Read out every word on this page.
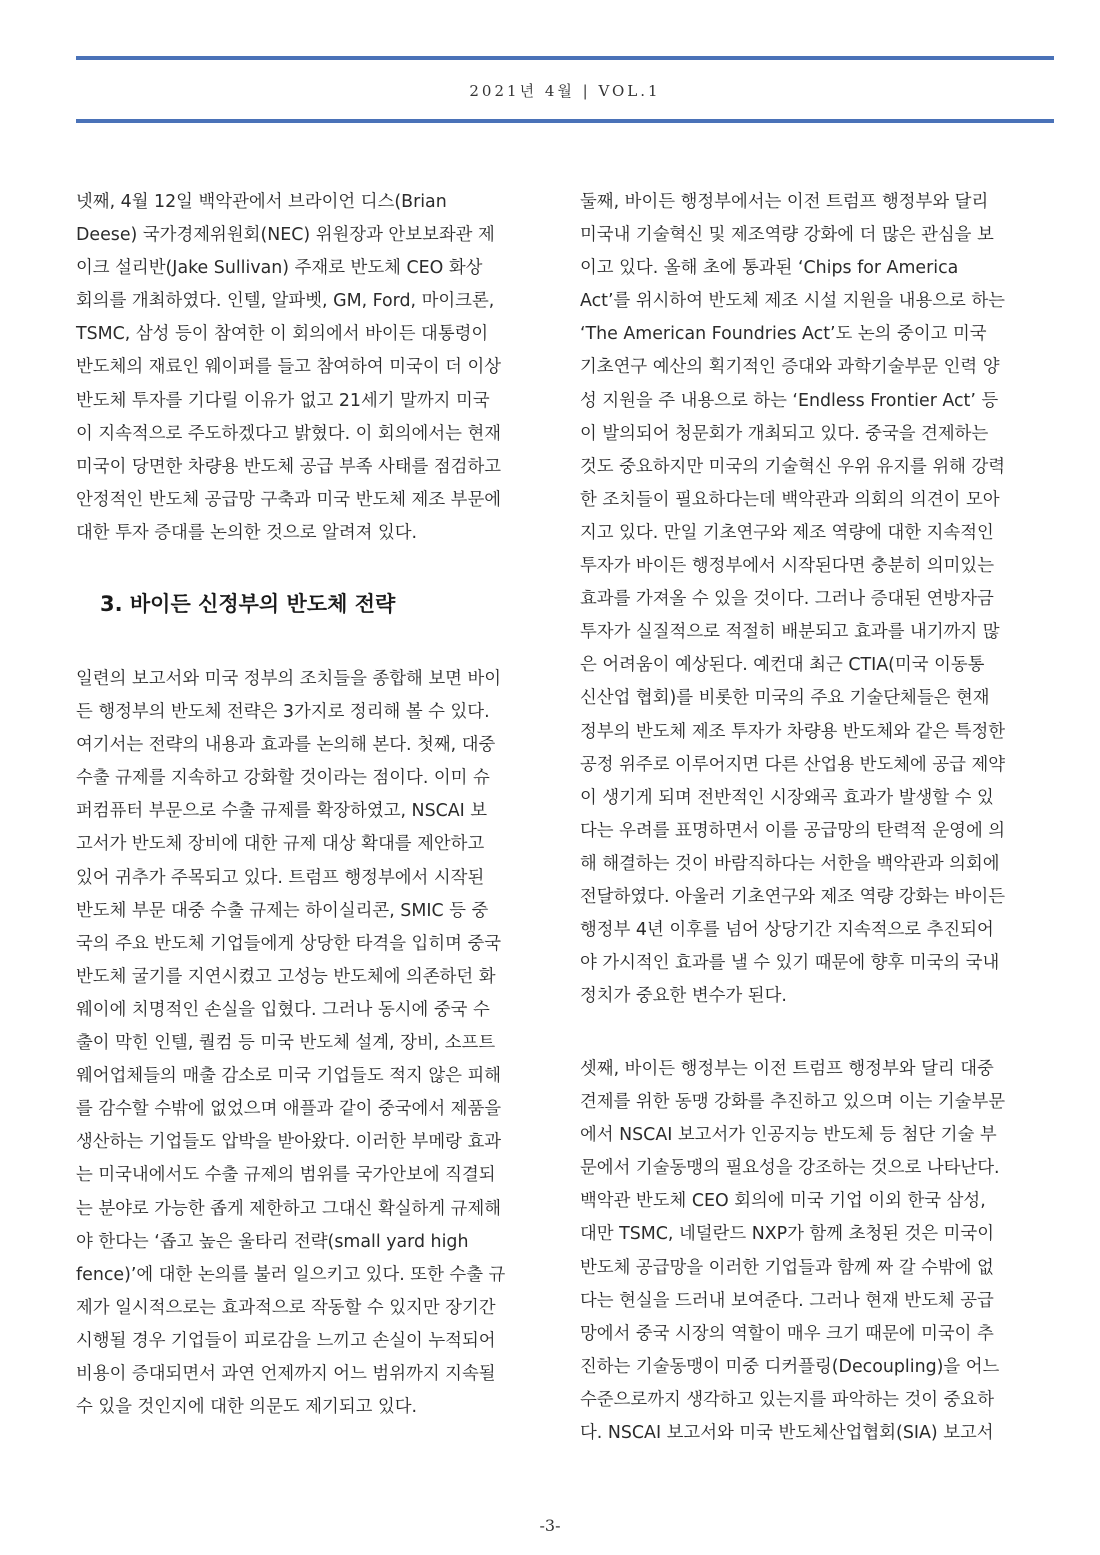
2021년 4월 | VOL.1
넷째, 4월 12일 백악관에서 브라이언 디스(Brian
Deese) 국가경제위원회(NEC) 위원장과 안보보좌관 제
이크 설리반(Jake Sullivan) 주재로 반도체 CEO 화상
회의를 개최하였다. 인텔, 알파벳, GM, Ford, 마이크론,
TSMC, 삼성 등이 참여한 이 회의에서 바이든 대통령이
반도체의 재료인 웨이퍼를 들고 참여하여 미국이 더 이상
반도체 투자를 기다릴 이유가 없고 21세기 말까지 미국
이 지속적으로 주도하겠다고 밝혔다. 이 회의에서는 현재
미국이 당면한 차량용 반도체 공급 부족 사태를 점검하고
안정적인 반도체 공급망 구축과 미국 반도체 제조 부문에
대한 투자 증대를 논의한 것으로 알려져 있다.
3. 바이든 신정부의 반도체 전략
일련의 보고서와 미국 정부의 조치들을 종합해 보면 바이
든 행정부의 반도체 전략은 3가지로 정리해 볼 수 있다.
여기서는 전략의 내용과 효과를 논의해 본다. 첫째, 대중
수출 규제를 지속하고 강화할 것이라는 점이다. 이미 슈
퍼컴퓨터 부문으로 수출 규제를 확장하였고, NSCAI 보
고서가 반도체 장비에 대한 규제 대상 확대를 제안하고
있어 귀추가 주목되고 있다. 트럼프 행정부에서 시작된
반도체 부문 대중 수출 규제는 하이실리콘, SMIC 등 중
국의 주요 반도체 기업들에게 상당한 타격을 입히며 중국
반도체 굴기를 지연시켰고 고성능 반도체에 의존하던 화
웨이에 치명적인 손실을 입혔다. 그러나 동시에 중국 수
출이 막힌 인텔, 퀄컴 등 미국 반도체 설계, 장비, 소프트
웨어업체들의 매출 감소로 미국 기업들도 적지 않은 피해
를 감수할 수밖에 없었으며 애플과 같이 중국에서 제품을
생산하는 기업들도 압박을 받아왔다. 이러한 부메랑 효과
는 미국내에서도 수출 규제의 범위를 국가안보에 직결되
는 분야로 가능한 좁게 제한하고 그대신 확실하게 규제해
야 한다는 ‘좁고 높은 울타리 전략(small yard high
fence)’에 대한 논의를 불러 일으키고 있다. 또한 수출 규
제가 일시적으로는 효과적으로 작동할 수 있지만 장기간
시행될 경우 기업들이 피로감을 느끼고 손실이 누적되어
비용이 증대되면서 과연 언제까지 어느 범위까지 지속될
수 있을 것인지에 대한 의문도 제기되고 있다.
둘째, 바이든 행정부에서는 이전 트럼프 행정부와 달리
미국내 기술혁신 및 제조역량 강화에 더 많은 관심을 보
이고 있다. 올해 초에 통과된 ‘Chips for America
Act’를 위시하여 반도체 제조 시설 지원을 내용으로 하는
‘The American Foundries Act’도 논의 중이고 미국
기초연구 예산의 획기적인 증대와 과학기술부문 인력 양
성 지원을 주 내용으로 하는 ‘Endless Frontier Act’ 등
이 발의되어 청문회가 개최되고 있다. 중국을 견제하는
것도 중요하지만 미국의 기술혁신 우위 유지를 위해 강력
한 조치들이 필요하다는데 백악관과 의회의 의견이 모아
지고 있다. 만일 기초연구와 제조 역량에 대한 지속적인
투자가 바이든 행정부에서 시작된다면 충분히 의미있는
효과를 가져올 수 있을 것이다. 그러나 증대된 연방자금
투자가 실질적으로 적절히 배분되고 효과를 내기까지 많
은 어려움이 예상된다. 예컨대 최근 CTIA(미국 이동통
신산업 협회)를 비롯한 미국의 주요 기술단체들은 현재
정부의 반도체 제조 투자가 차량용 반도체와 같은 특정한
공정 위주로 이루어지면 다른 산업용 반도체에 공급 제약
이 생기게 되며 전반적인 시장왜곡 효과가 발생할 수 있
다는 우려를 표명하면서 이를 공급망의 탄력적 운영에 의
해 해결하는 것이 바람직하다는 서한을 백악관과 의회에
전달하였다. 아울러 기초연구와 제조 역량 강화는 바이든
행정부 4년 이후를 넘어 상당기간 지속적으로 추진되어
야 가시적인 효과를 낼 수 있기 때문에 향후 미국의 국내
정치가 중요한 변수가 된다.
셋째, 바이든 행정부는 이전 트럼프 행정부와 달리 대중
견제를 위한 동맹 강화를 추진하고 있으며 이는 기술부문
에서 NSCAI 보고서가 인공지능 반도체 등 첨단 기술 부
문에서 기술동맹의 필요성을 강조하는 것으로 나타난다.
백악관 반도체 CEO 회의에 미국 기업 이외 한국 삼성,
대만 TSMC, 네덜란드 NXP가 함께 초청된 것은 미국이
반도체 공급망을 이러한 기업들과 함께 짜 갈 수밖에 없
다는 현실을 드러내 보여준다. 그러나 현재 반도체 공급
망에서 중국 시장의 역할이 매우 크기 때문에 미국이 추
진하는 기술동맹이 미중 디커플링(Decoupling)을 어느
수준으로까지 생각하고 있는지를 파악하는 것이 중요하
다. NSCAI 보고서와 미국 반도체산업협회(SIA) 보고서
-3-
